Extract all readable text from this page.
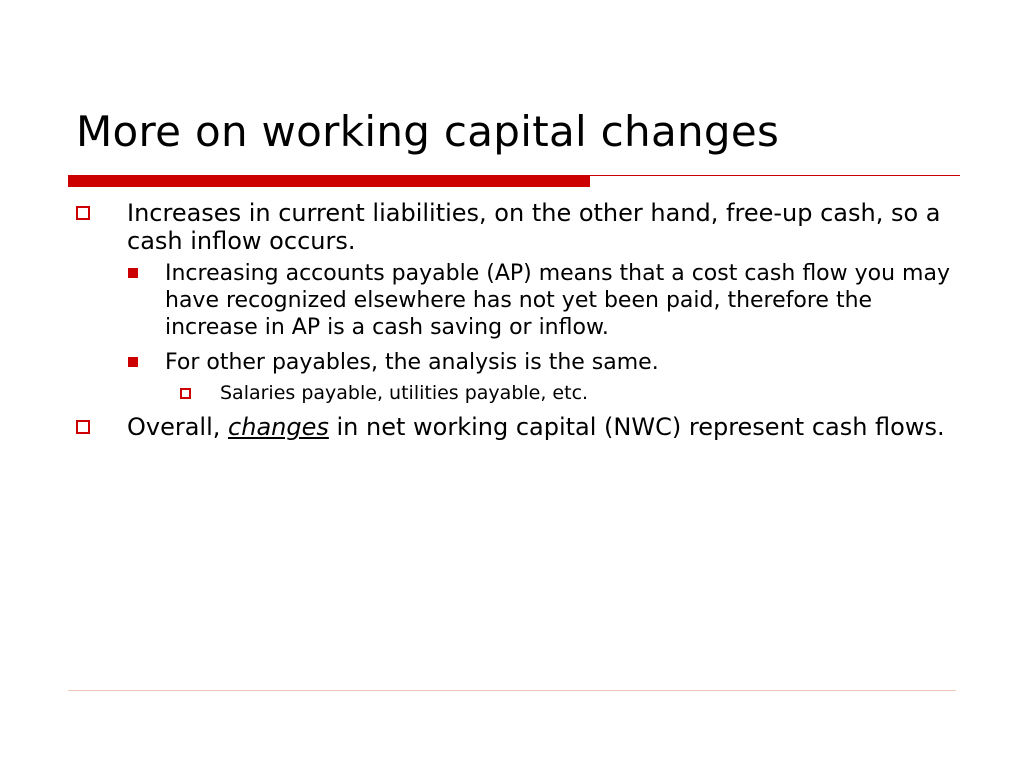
More on working capital changes
Increases in current liabilities, on the other hand, free-up cash, so a cash inflow occurs.
Increasing accounts payable (AP) means that a cost cash flow you may have recognized elsewhere has not yet been paid, therefore the increase in AP is a cash saving or inflow.
For other payables, the analysis is the same.
Salaries payable, utilities payable, etc.
Overall, changes in net working capital (NWC) represent cash flows.
